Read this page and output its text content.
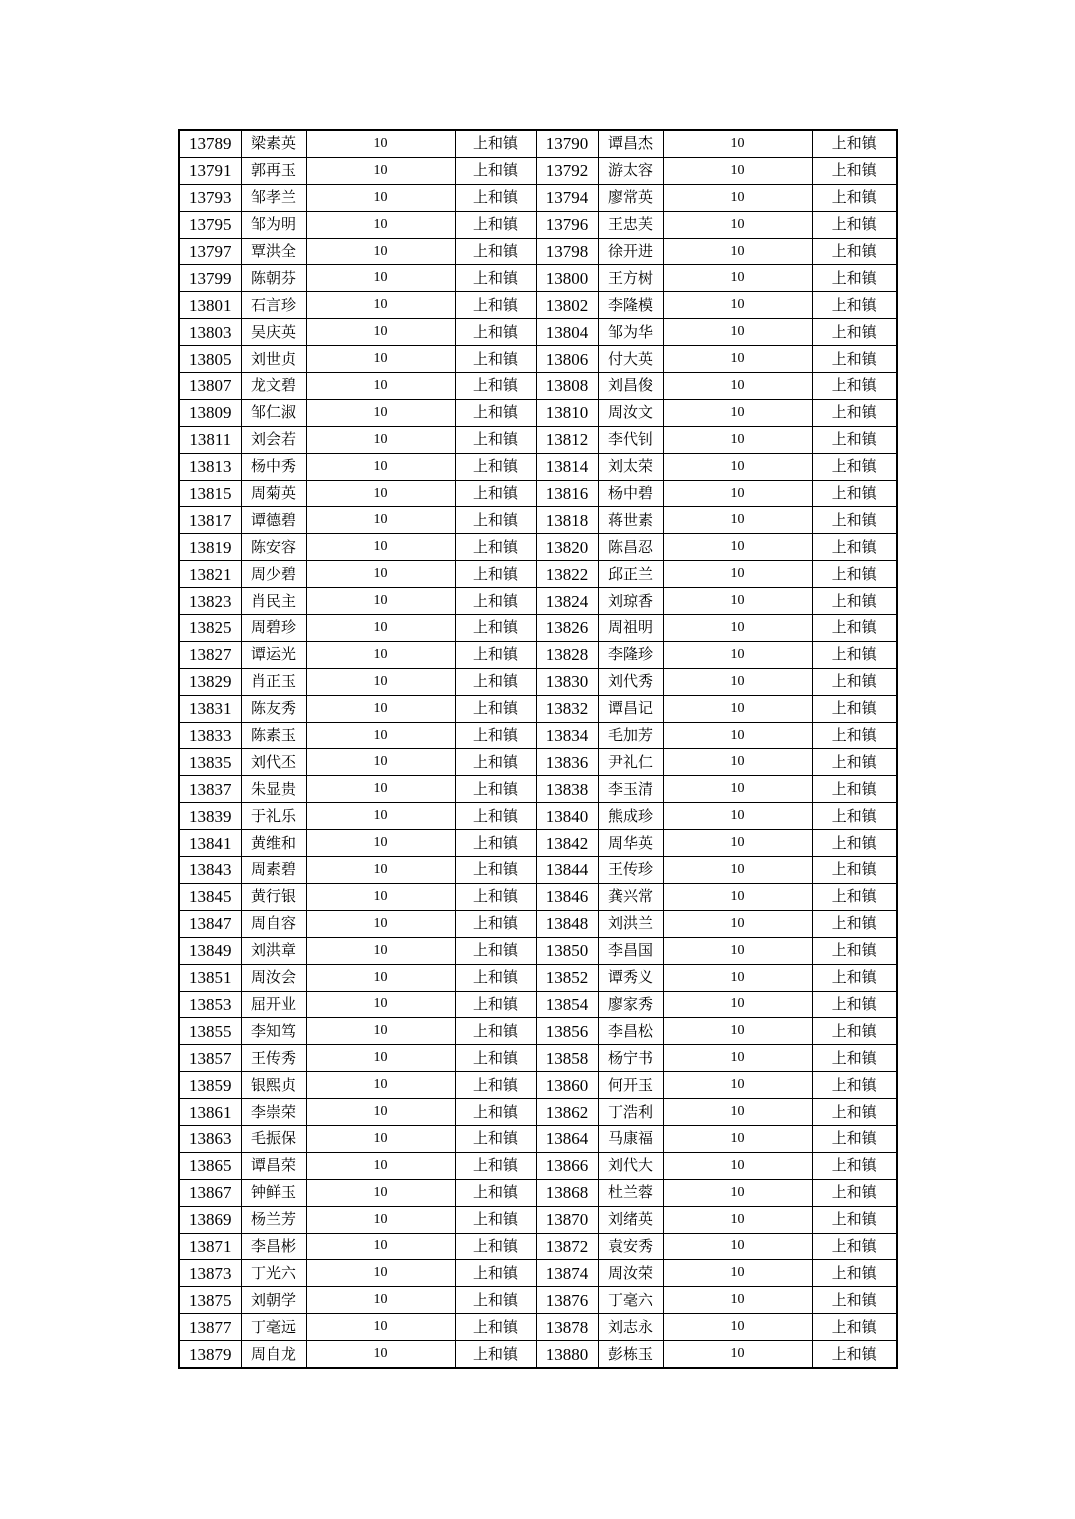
13789	梁素英	10	上和镇	13790	谭昌杰	10	上和镇
13791	郭再玉	10	上和镇	13792	游太容	10	上和镇
13793	邹孝兰	10	上和镇	13794	廖常英	10	上和镇
13795	邹为明	10	上和镇	13796	王忠芙	10	上和镇
13797	覃洪全	10	上和镇	13798	徐开进	10	上和镇
13799	陈朝芬	10	上和镇	13800	王方树	10	上和镇
13801	石言珍	10	上和镇	13802	李隆模	10	上和镇
13803	吴庆英	10	上和镇	13804	邹为华	10	上和镇
13805	刘世贞	10	上和镇	13806	付大英	10	上和镇
13807	龙文碧	10	上和镇	13808	刘昌俊	10	上和镇
13809	邹仁淑	10	上和镇	13810	周汝文	10	上和镇
13811	刘会若	10	上和镇	13812	李代钊	10	上和镇
13813	杨中秀	10	上和镇	13814	刘太荣	10	上和镇
13815	周菊英	10	上和镇	13816	杨中碧	10	上和镇
13817	谭德碧	10	上和镇	13818	蒋世素	10	上和镇
13819	陈安容	10	上和镇	13820	陈昌忍	10	上和镇
13821	周少碧	10	上和镇	13822	邱正兰	10	上和镇
13823	肖民主	10	上和镇	13824	刘琼香	10	上和镇
13825	周碧珍	10	上和镇	13826	周祖明	10	上和镇
13827	谭运光	10	上和镇	13828	李隆珍	10	上和镇
13829	肖正玉	10	上和镇	13830	刘代秀	10	上和镇
13831	陈友秀	10	上和镇	13832	谭昌记	10	上和镇
13833	陈素玉	10	上和镇	13834	毛加芳	10	上和镇
13835	刘代丕	10	上和镇	13836	尹礼仁	10	上和镇
13837	朱显贵	10	上和镇	13838	李玉清	10	上和镇
13839	于礼乐	10	上和镇	13840	熊成珍	10	上和镇
13841	黄维和	10	上和镇	13842	周华英	10	上和镇
13843	周素碧	10	上和镇	13844	王传珍	10	上和镇
13845	黄行银	10	上和镇	13846	龚兴常	10	上和镇
13847	周自容	10	上和镇	13848	刘洪兰	10	上和镇
13849	刘洪章	10	上和镇	13850	李昌国	10	上和镇
13851	周汝会	10	上和镇	13852	谭秀义	10	上和镇
13853	屈开业	10	上和镇	13854	廖家秀	10	上和镇
13855	李知笃	10	上和镇	13856	李昌松	10	上和镇
13857	王传秀	10	上和镇	13858	杨宁书	10	上和镇
13859	银熙贞	10	上和镇	13860	何开玉	10	上和镇
13861	李崇荣	10	上和镇	13862	丁浩利	10	上和镇
13863	毛振保	10	上和镇	13864	马康福	10	上和镇
13865	谭昌荣	10	上和镇	13866	刘代大	10	上和镇
13867	钟鲜玉	10	上和镇	13868	杜兰蓉	10	上和镇
13869	杨兰芳	10	上和镇	13870	刘绪英	10	上和镇
13871	李昌彬	10	上和镇	13872	袁安秀	10	上和镇
13873	丁光六	10	上和镇	13874	周汝荣	10	上和镇
13875	刘朝学	10	上和镇	13876	丁毫六	10	上和镇
13877	丁毫远	10	上和镇	13878	刘志永	10	上和镇
13879	周自龙	10	上和镇	13880	彭栋玉	10	上和镇
